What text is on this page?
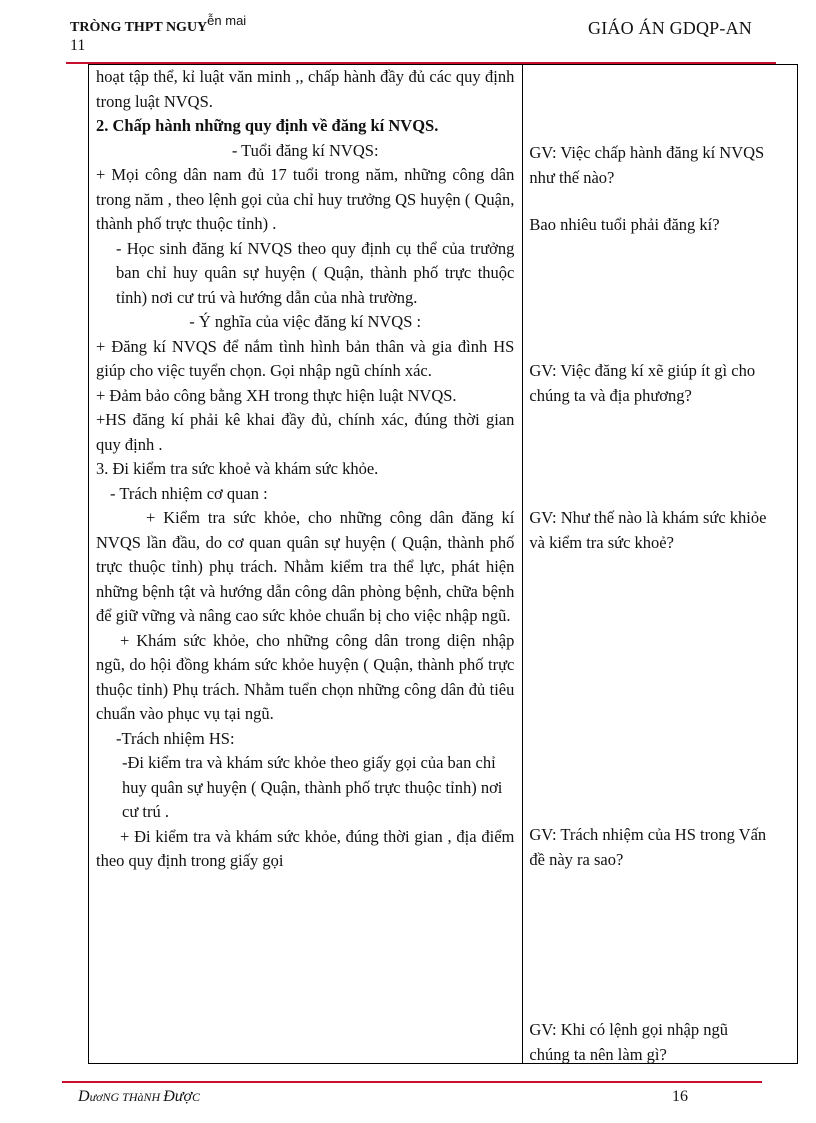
TRÒNG THPT NGUYễn mai
11
GIÁO ÁN GDQP-AN
hoạt tập thể, kỉ luật văn minh ,, chấp hành đầy đủ các quy định trong luật NVQS.
2. Chấp hành những quy định về đăng kí NVQS.
- Tuổi đăng kí NVQS:
+ Mọi công dân nam đủ 17 tuổi trong năm, những công dân trong năm , theo lệnh gọi của chỉ huy trưởng QS huyện ( Quận, thành phố trực thuộc tỉnh) .
- Học sinh đăng kí NVQS theo quy định cụ thể của trưởng ban chỉ huy quân sự huyện ( Quận, thành phố trực thuộc tỉnh) nơi cư trú và hướng dẫn của nhà trường.
- Ý nghĩa của việc đăng kí NVQS :
+ Đăng kí NVQS để nắm tình hình bản thân và gia đình HS giúp cho việc tuyển chọn. Gọi nhập ngũ chính xác.
+ Đảm bảo công bằng XH trong thực hiện luật NVQS.
+HS đăng kí phải kê khai đầy đủ, chính xác, đúng thời gian quy định .
3. Đi kiểm tra sức khoẻ và khám sức khỏe.
- Trách nhiệm cơ quan :
+ Kiểm tra sức khỏe, cho những công dân đăng kí NVQS lần đầu, do cơ quan quân sự huyện ( Quận, thành phố trực thuộc tỉnh) phụ trách. Nhằm kiểm tra thể lực, phát hiện những bệnh tật và hướng dẫn công dân phòng bệnh, chữa bệnh để giữ vững và nâng cao sức khỏe chuẩn bị cho việc nhập ngũ.
+ Khám sức khỏe, cho những công dân trong diện nhập ngũ, do hội đồng khám sức khỏe huyện ( Quận, thành phố trực thuộc tỉnh) Phụ trách. Nhằm tuển chọn những công dân đủ tiêu chuẩn vào phục vụ tại ngũ.
-Trách nhiệm HS:
-Đi kiểm tra và khám sức khỏe theo giấy gọi của ban chỉ huy quân sự huyện ( Quận, thành phố trực thuộc tỉnh) nơi cư trú .
+ Đi kiểm tra và khám sức khỏe, đúng thời gian , địa điểm theo quy định trong giấy gọi

GV: Việc chấp hành đăng kí NVQS như thế nào?
Bao nhiêu tuổi phải đăng kí?
GV: Việc đăng kí xẽ giúp ít gì cho chúng ta và địa phương?
GV: Như thế nào là khám sức khiỏe và kiểm tra sức khoẻ?
GV: Trách nhiệm của HS trong Vấn đề này ra sao?
GV: Khi có lệnh gọi nhập ngũ chúng ta nên làm gì?
DươNG THàNH ĐượC	16
